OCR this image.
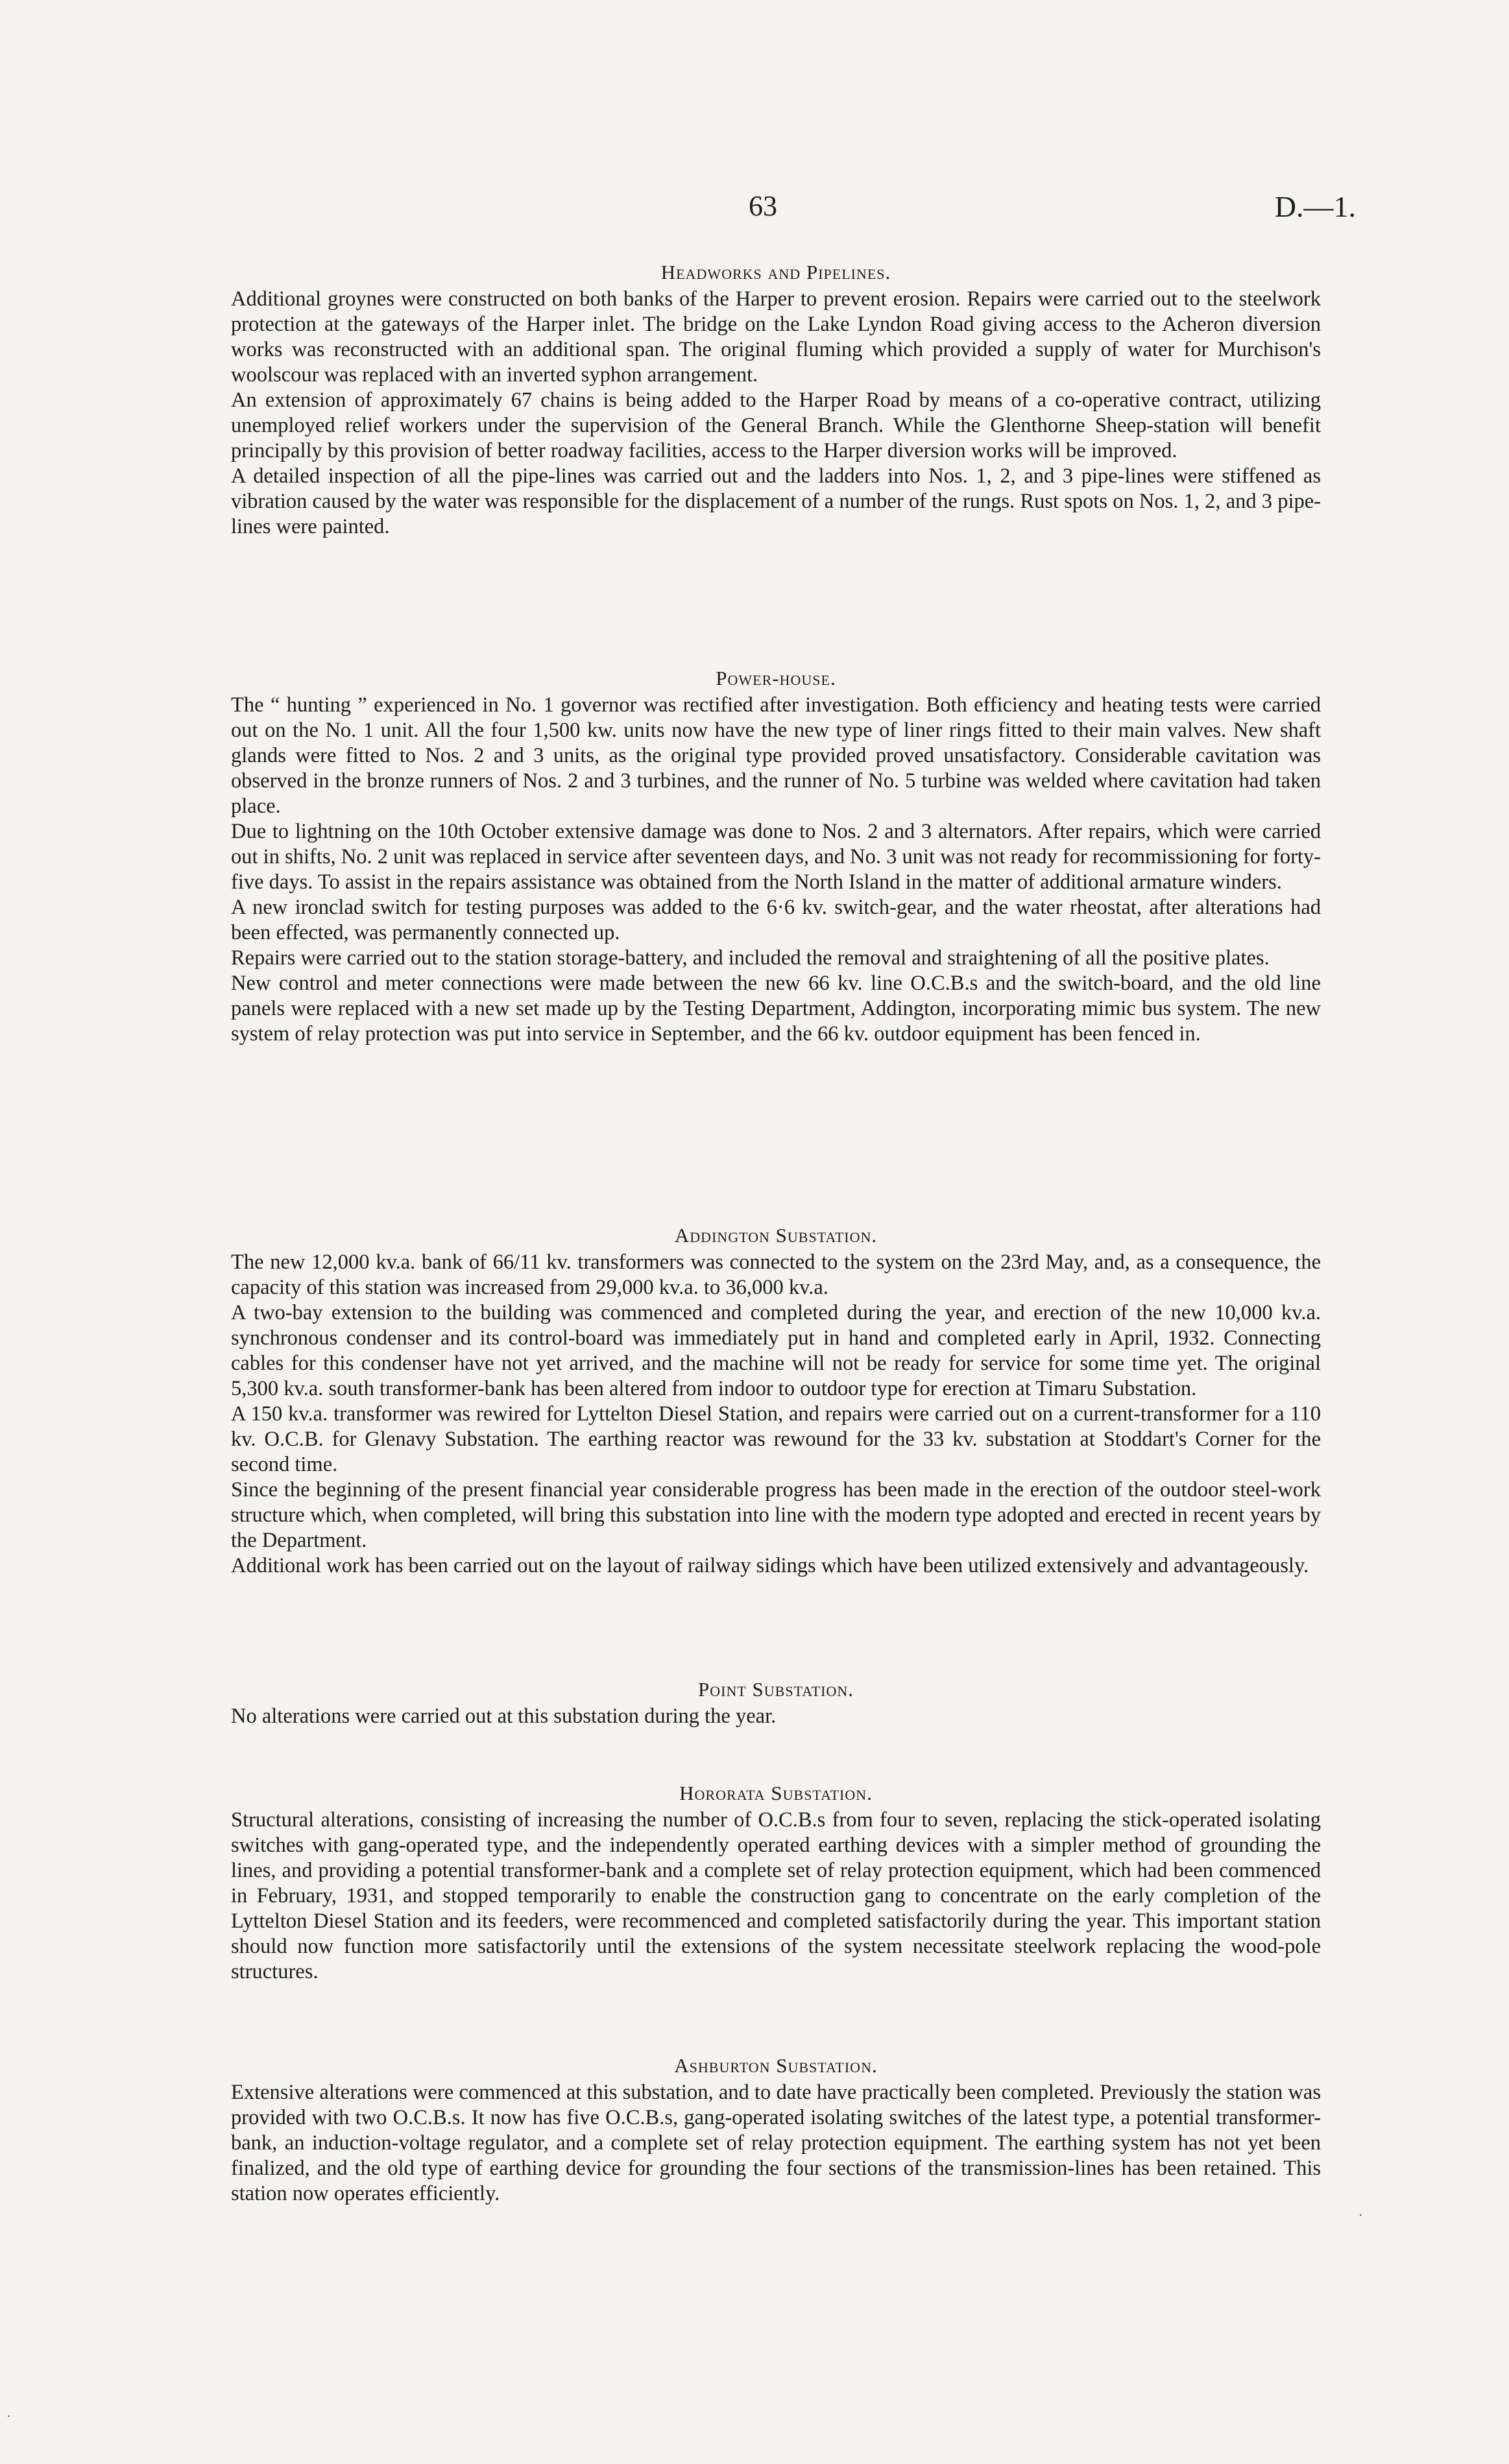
63	D.—1.
Headworks and Pipelines.

Additional groynes were constructed on both banks of the Harper to prevent erosion. Repairs were carried out to the steelwork protection at the gateways of the Harper inlet. The bridge on the Lake Lyndon Road giving access to the Acheron diversion works was reconstructed with an additional span. The original fluming which provided a supply of water for Murchison's woolscour was replaced with an inverted syphon arrangement.

An extension of approximately 67 chains is being added to the Harper Road by means of a co-operative contract, utilizing unemployed relief workers under the supervision of the General Branch. While the Glenthorne Sheep-station will benefit principally by this provision of better roadway facilities, access to the Harper diversion works will be improved.

A detailed inspection of all the pipe-lines was carried out and the ladders into Nos. 1, 2, and 3 pipe-lines were stiffened as vibration caused by the water was responsible for the displacement of a number of the rungs. Rust spots on Nos. 1, 2, and 3 pipe-lines were painted.

Power-house.

The “ hunting ” experienced in No. 1 governor was rectified after investigation. Both efficiency and heating tests were carried out on the No. 1 unit. All the four 1,500 kw. units now have the new type of liner rings fitted to their main valves. New shaft glands were fitted to Nos. 2 and 3 units, as the original type provided proved unsatisfactory. Considerable cavitation was observed in the bronze runners of Nos. 2 and 3 turbines, and the runner of No. 5 turbine was welded where cavitation had taken place.

Due to lightning on the 10th October extensive damage was done to Nos. 2 and 3 alternators. After repairs, which were carried out in shifts, No. 2 unit was replaced in service after seventeen days, and No. 3 unit was not ready for recommissioning for forty-five days. To assist in the repairs assistance was obtained from the North Island in the matter of additional armature winders.

A new ironclad switch for testing purposes was added to the 6·6 kv. switch-gear, and the water rheostat, after alterations had been effected, was permanently connected up.

Repairs were carried out to the station storage-battery, and included the removal and straightening of all the positive plates.

New control and meter connections were made between the new 66 kv. line O.C.B.s and the switch-board, and the old line panels were replaced with a new set made up by the Testing Department, Addington, incorporating mimic bus system. The new system of relay protection was put into service in September, and the 66 kv. outdoor equipment has been fenced in.

Addington Substation.

The new 12,000 kv.a. bank of 66/11 kv. transformers was connected to the system on the 23rd May, and, as a consequence, the capacity of this station was increased from 29,000 kv.a. to 36,000 kv.a.

A two-bay extension to the building was commenced and completed during the year, and erection of the new 10,000 kv.a. synchronous condenser and its control-board was immediately put in hand and completed early in April, 1932. Connecting cables for this condenser have not yet arrived, and the machine will not be ready for service for some time yet. The original 5,300 kv.a. south transformer-bank has been altered from indoor to outdoor type for erection at Timaru Substation.

A 150 kv.a. transformer was rewired for Lyttelton Diesel Station, and repairs were carried out on a current-transformer for a 110 kv. O.C.B. for Glenavy Substation. The earthing reactor was rewound for the 33 kv. substation at Stoddart's Corner for the second time.

Since the beginning of the present financial year considerable progress has been made in the erection of the outdoor steel-work structure which, when completed, will bring this substation into line with the modern type adopted and erected in recent years by the Department.

Additional work has been carried out on the layout of railway sidings which have been utilized extensively and advantageously.

Point Substation.

No alterations were carried out at this substation during the year.

Hororata Substation.

Structural alterations, consisting of increasing the number of O.C.B.s from four to seven, replacing the stick-operated isolating switches with gang-operated type, and the independently operated earthing devices with a simpler method of grounding the lines, and providing a potential transformer-bank and a complete set of relay protection equipment, which had been commenced in February, 1931, and stopped temporarily to enable the construction gang to concentrate on the early completion of the Lyttelton Diesel Station and its feeders, were recommenced and completed satisfactorily during the year. This important station should now function more satisfactorily until the extensions of the system necessitate steelwork replacing the wood-pole structures.

Ashburton Substation.

Extensive alterations were commenced at this substation, and to date have practically been completed. Previously the station was provided with two O.C.B.s. It now has five O.C.B.s, gang-operated isolating switches of the latest type, a potential transformer-bank, an induction-voltage regulator, and a complete set of relay protection equipment. The earthing system has not yet been finalized, and the old type of earthing device for grounding the four sections of the transmission-lines has been retained. This station now operates efficiently.

·
·
